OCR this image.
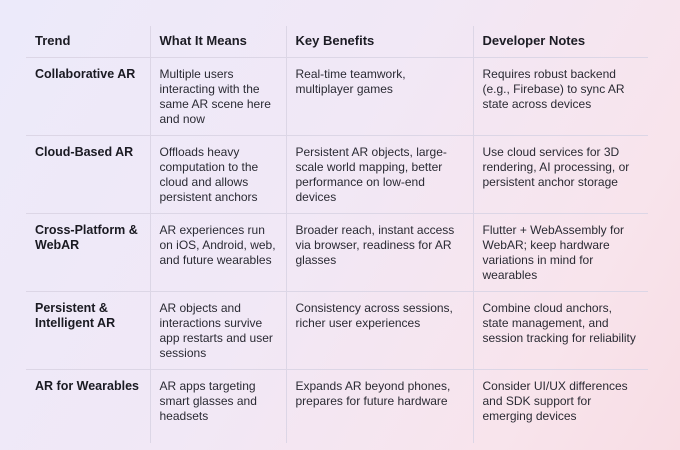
Trend	What It Means	Key Benefits	Developer Notes
Collaborative AR	Multiple users interacting with the same AR scene here and now	Real-time teamwork, multiplayer games	Requires robust backend (e.g., Firebase) to sync AR state across devices
Cloud-Based AR	Offloads heavy computation to the cloud and allows persistent anchors	Persistent AR objects, large-scale world mapping, better performance on low-end devices	Use cloud services for 3D rendering, AI processing, or persistent anchor storage
Cross-Platform & WebAR	AR experiences run on iOS, Android, web, and future wearables	Broader reach, instant access via browser, readiness for AR glasses	Flutter + WebAssembly for WebAR; keep hardware variations in mind for wearables
Persistent & Intelligent AR	AR objects and interactions survive app restarts and user sessions	Consistency across sessions, richer user experiences	Combine cloud anchors, state management, and session tracking for reliability
AR for Wearables	AR apps targeting smart glasses and headsets	Expands AR beyond phones, prepares for future hardware	Consider UI/UX differences and SDK support for emerging devices
